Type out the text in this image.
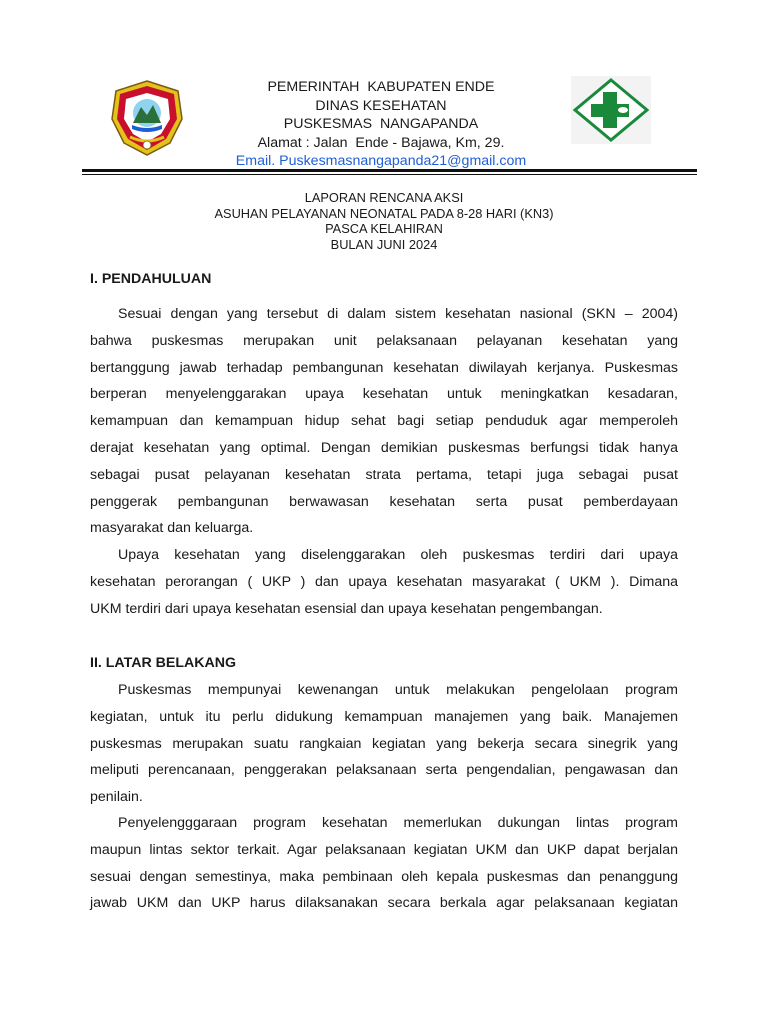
PEMERINTAH  KABUPATEN ENDE
DINAS KESEHATAN
PUSKESMAS  NANGAPANDA
Alamat : Jalan  Ende - Bajawa, Km, 29.
Email. Puskesmasnangapanda21@gmail.com
LAPORAN RENCANA AKSI
ASUHAN PELAYANAN NEONATAL PADA 8-28 HARI (KN3)
PASCA KELAHIRAN
BULAN JUNI 2024
I. PENDAHULUAN
Sesuai dengan yang tersebut di dalam sistem kesehatan nasional (SKN – 2004)
bahwa puskesmas merupakan unit pelaksanaan pelayanan kesehatan yang
bertanggung jawab terhadap pembangunan kesehatan diwilayah kerjanya. Puskesmas
berperan menyelenggarakan upaya kesehatan untuk meningkatkan kesadaran,
kemampuan dan kemampuan hidup sehat bagi setiap penduduk agar memperoleh
derajat kesehatan yang optimal. Dengan demikian puskesmas berfungsi tidak hanya
sebagai pusat pelayanan kesehatan strata pertama, tetapi juga sebagai pusat
penggerak pembangunan berwawasan kesehatan serta pusat pemberdayaan
masyarakat dan keluarga.
Upaya kesehatan yang diselenggarakan oleh puskesmas terdiri dari upaya
kesehatan perorangan ( UKP ) dan upaya kesehatan masyarakat ( UKM ). Dimana
UKM terdiri dari upaya kesehatan esensial dan upaya kesehatan pengembangan.
II. LATAR BELAKANG
Puskesmas mempunyai kewenangan untuk melakukan pengelolaan program
kegiatan, untuk itu perlu didukung kemampuan manajemen yang baik. Manajemen
puskesmas merupakan suatu rangkaian kegiatan yang bekerja secara sinegrik yang
meliputi perencanaan, penggerakan pelaksanaan serta pengendalian, pengawasan dan
penilain.
Penyelengggaraan program kesehatan memerlukan dukungan lintas program
maupun lintas sektor terkait. Agar pelaksanaan kegiatan UKM dan UKP dapat berjalan
sesuai dengan semestinya, maka pembinaan oleh kepala puskesmas dan penanggung
jawab UKM dan UKP harus dilaksanakan secara berkala agar pelaksanaan kegiatan
